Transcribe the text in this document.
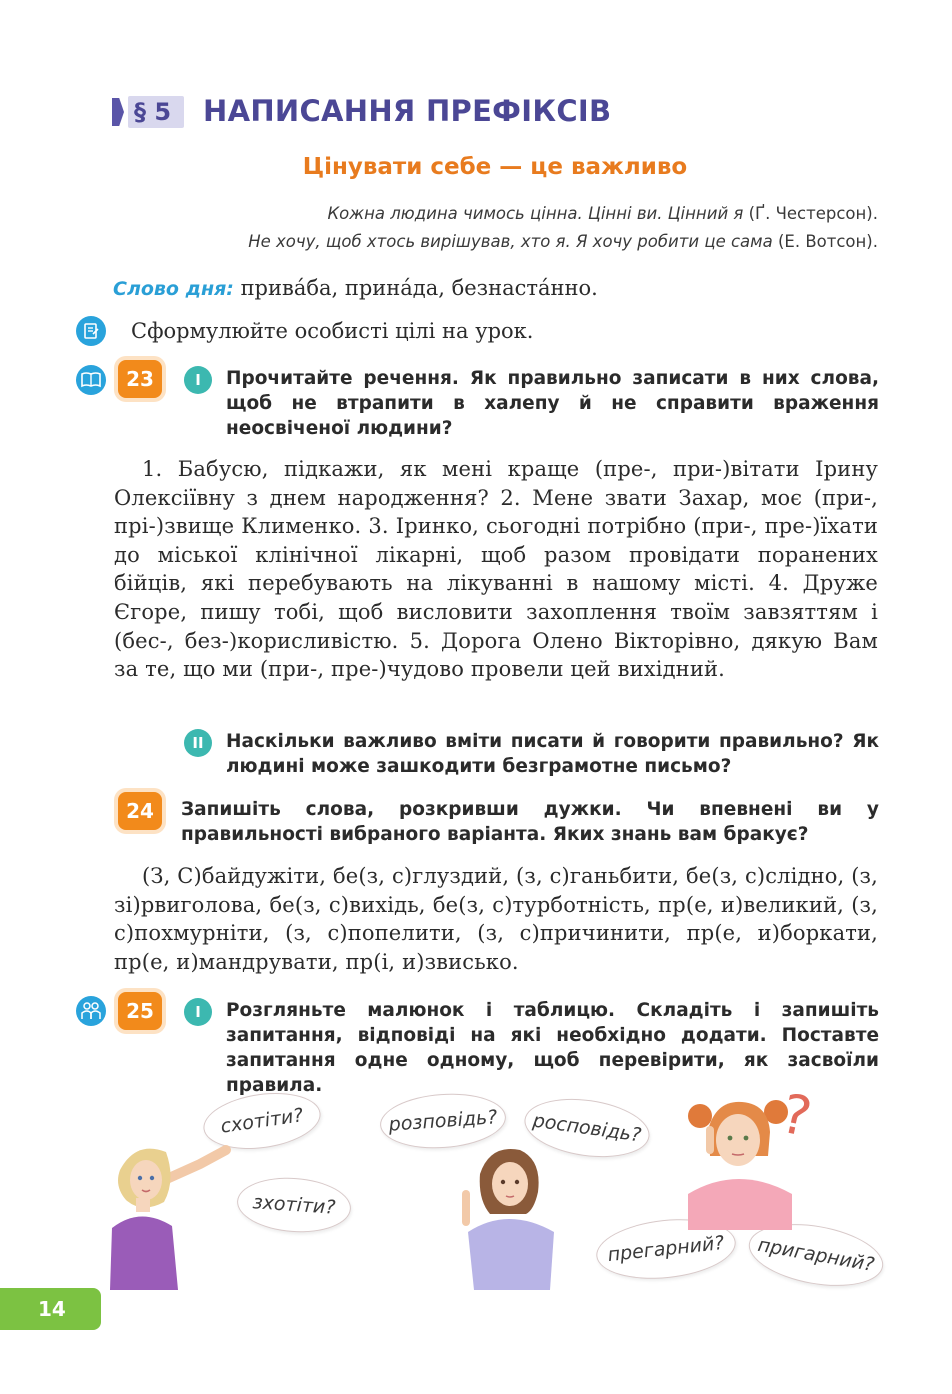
§ 5 НАПИСАННЯ ПРЕФІКСІВ
Цінувати себе — це важливо
Кожна людина чимось цінна. Цінні ви. Цінний я (Ґ. Честерсон).
Не хочу, щоб хтось вирішував, хто я. Я хочу робити це сама (Е. Вотсон).
Слово дня: привáба, принáда, безнастáнно.
Сформулюйте особисті цілі на урок.
23	I	Прочитайте речення. Як правильно записати в них слова, щоб не втрапити в халепу й не справити враження неосвіченої людини?
1. Бабусю, підкажи, як мені краще (пре-, при-)вітати Ірину Олексіївну з днем народження? 2. Мене звати Захар, моє (при-, прі-)звище Клименко. 3. Іринко, сьогодні потрібно (при-, пре-)їхати до міської клінічної лікарні, щоб разом провідати поранених бійців, які перебувають на лікуванні в нашому місті. 4. Друже Єгоре, пишу тобі, щоб висловити захоплення твоїм завзяттям і (бес-, без-)корисливістю. 5. Дорога Олено Вікторівно, дякую Вам за те, що ми (при-, пре-)чудово провели цей вихідний.
II	Наскільки важливо вміти писати й говорити правильно? Як людині може зашкодити безграмотне письмо?
24	Запишіть слова, розкривши дужки. Чи впевнені ви у правильності вибраного варіанта. Яких знань вам бракує?
(З, С)байдужіти, бе(з, с)глуздий, (з, с)ганьбити, бе(з, с)слідно, (з, зі)рвиголова, бе(з, с)вихідь, бе(з, с)турботність, пр(е, и)великий, (з, с)похмурніти, (з, с)попелити, (з, с)причинити, пр(е, и)боркати, пр(е, и)мандрувати, пр(і, и)звисько.
25	I	Розгляньте малюнок і таблицю. Складіть і запишіть запитання, відповіді на які необхідно додати. Поставте запитання одне одному, щоб перевірити, як засвоїли правила.
схотіти?
зхотіти?
розповідь?	росповідь?
прегарний?	пригарний?
?
14
